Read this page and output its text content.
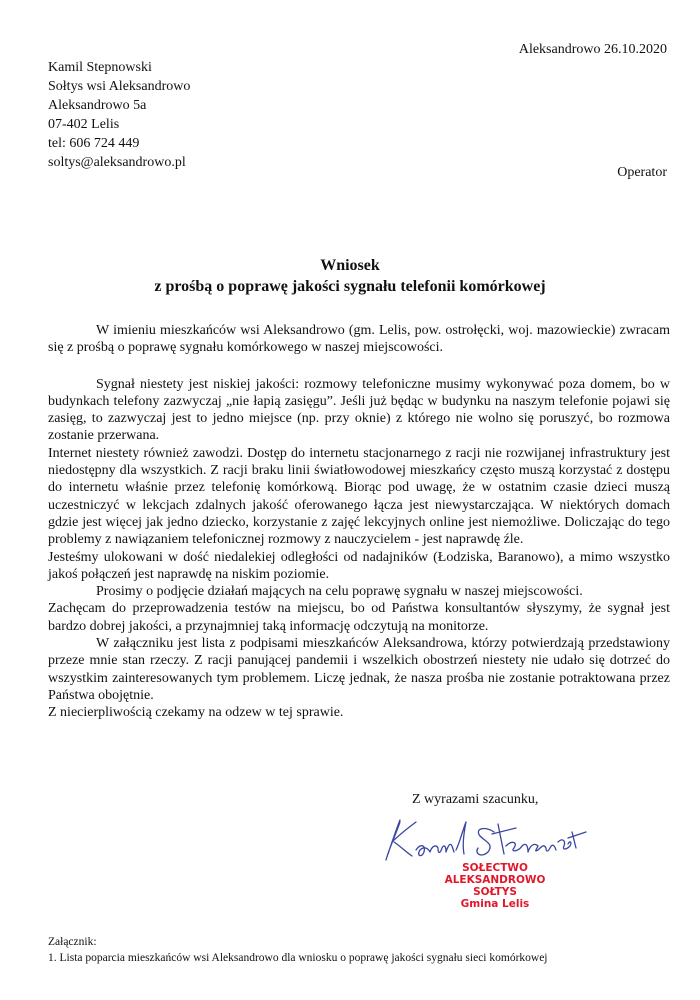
Aleksandrowo 26.10.2020
Kamil Stepnowski
Sołtys wsi Aleksandrowo
Aleksandrowo 5a
07-402 Lelis
tel: 606 724 449
soltys@aleksandrowo.pl
Operator
Wniosek
z prośbą o poprawę jakości sygnału telefonii komórkowej

W imieniu mieszkańców wsi Aleksandrowo (gm. Lelis, pow. ostrołęcki, woj. mazowieckie) zwracam się z prośbą o poprawę sygnału komórkowego w naszej miejscowości.

Sygnał niestety jest niskiej jakości: rozmowy telefoniczne musimy wykonywać poza domem, bo w budynkach telefony zazwyczaj „nie łapią zasięgu”. Jeśli już będąc w budynku na naszym telefonie pojawi się zasięg, to zazwyczaj jest to jedno miejsce (np. przy oknie) z którego nie wolno się poruszyć, bo rozmowa zostanie przerwana.

Internet niestety również zawodzi. Dostęp do internetu stacjonarnego z racji nie rozwijanej infrastruktury jest niedostępny dla wszystkich. Z racji braku linii światłowodowej mieszkańcy często muszą korzystać z dostępu do internetu właśnie przez telefonię komórkową. Biorąc pod uwagę, że w ostatnim czasie dzieci muszą uczestniczyć w lekcjach zdalnych jakość oferowanego łącza jest niewystarczająca. W niektórych domach gdzie jest więcej jak jedno dziecko, korzystanie z zajęć lekcyjnych online jest niemożliwe. Doliczając do tego problemy z nawiązaniem telefonicznej rozmowy z nauczycielem - jest naprawdę źle.

Jesteśmy ulokowani w dość niedalekiej odległości od nadajników (Łodziska, Baranowo), a mimo wszystko jakoś połączeń jest naprawdę na niskim poziomie.

Prosimy o podjęcie działań mających na celu poprawę sygnału w naszej miejscowości.

Zachęcam do przeprowadzenia testów na miejscu, bo od Państwa konsultantów słyszymy, że sygnał jest bardzo dobrej jakości, a przynajmniej taką informację odczytują na monitorze.

W załączniku jest lista z podpisami mieszkańców Aleksandrowa, którzy potwierdzają przedstawiony przeze mnie stan rzeczy. Z racji panującej pandemii i wszelkich obostrzeń niestety nie udało się dotrzeć do wszystkim zainteresowanych tym problemem. Liczę jednak, że nasza prośba nie zostanie potraktowana przez Państwa obojętnie.

Z niecierpliwością czekamy na odzew w tej sprawie.

Z wyrazami szacunku,
SOŁECTWO
ALEKSANDROWO
SOŁTYS
Gmina Lelis
Załącznik:
1. Lista poparcia mieszkańców wsi Aleksandrowo dla wniosku o poprawę jakości sygnału sieci komórkowej
